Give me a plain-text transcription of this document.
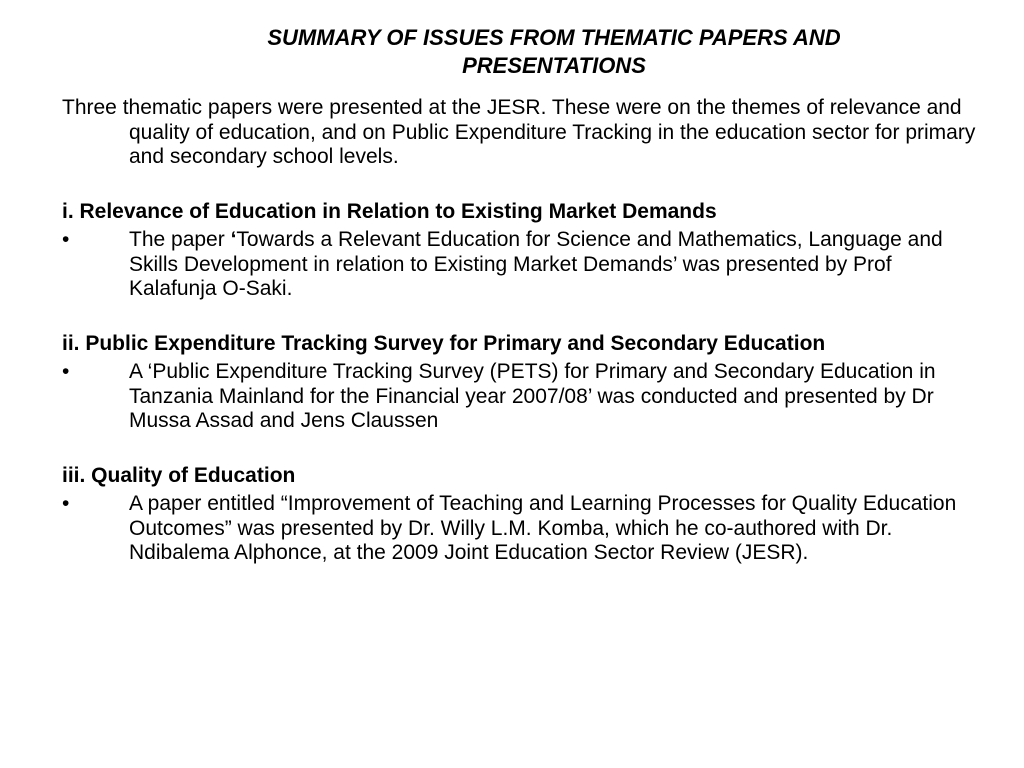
SUMMARY OF ISSUES FROM THEMATIC PAPERS AND
PRESENTATIONS

Three thematic papers were presented at the JESR. These were on the themes of relevance and quality of education, and on Public Expenditure Tracking in the education sector for primary and secondary school levels.

i. Relevance of Education in Relation to Existing Market Demands

•	The paper ‘Towards a Relevant Education for Science and Mathematics, Language and Skills Development in relation to Existing Market Demands’ was presented by Prof Kalafunja O-Saki.

ii. Public Expenditure Tracking Survey for Primary and Secondary Education

•	A ‘Public Expenditure Tracking Survey (PETS) for Primary and Secondary Education in Tanzania Mainland for the Financial year 2007/08’ was conducted and presented by Dr Mussa Assad and Jens Claussen

iii. Quality of Education

•	A paper entitled “Improvement of Teaching and Learning Processes for Quality Education Outcomes” was presented by Dr. Willy L.M. Komba, which he co-authored with Dr. Ndibalema Alphonce, at the 2009 Joint Education Sector Review (JESR).
